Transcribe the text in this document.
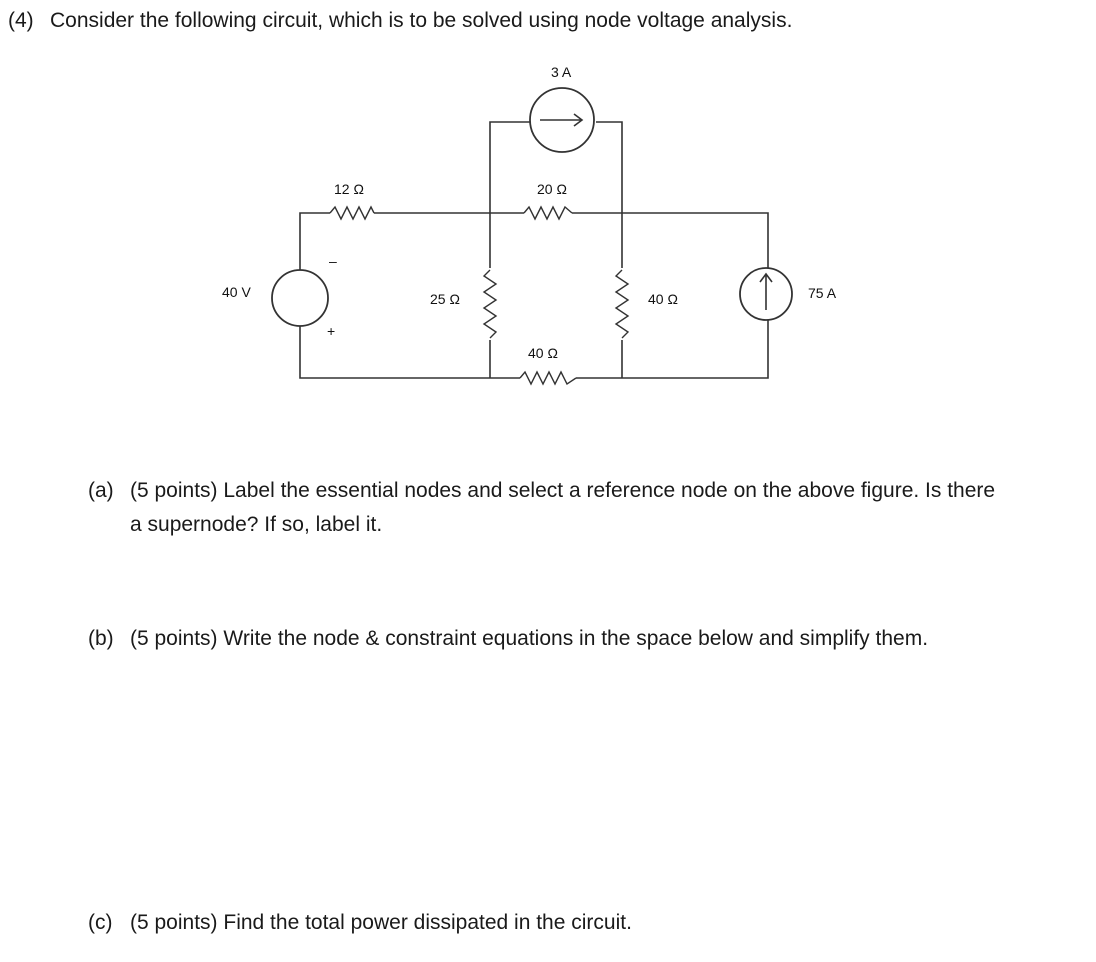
(4) Consider the following circuit, which is to be solved using node voltage analysis.
3 A
12 Ω	20 Ω
40 V	25 Ω	40 Ω	75 A
40 Ω
–
+
(a) (5 points) Label the essential nodes and select a reference node on the above figure. Is there
a supernode? If so, label it.
(b) (5 points) Write the node & constraint equations in the space below and simplify them.
(c) (5 points) Find the total power dissipated in the circuit.
